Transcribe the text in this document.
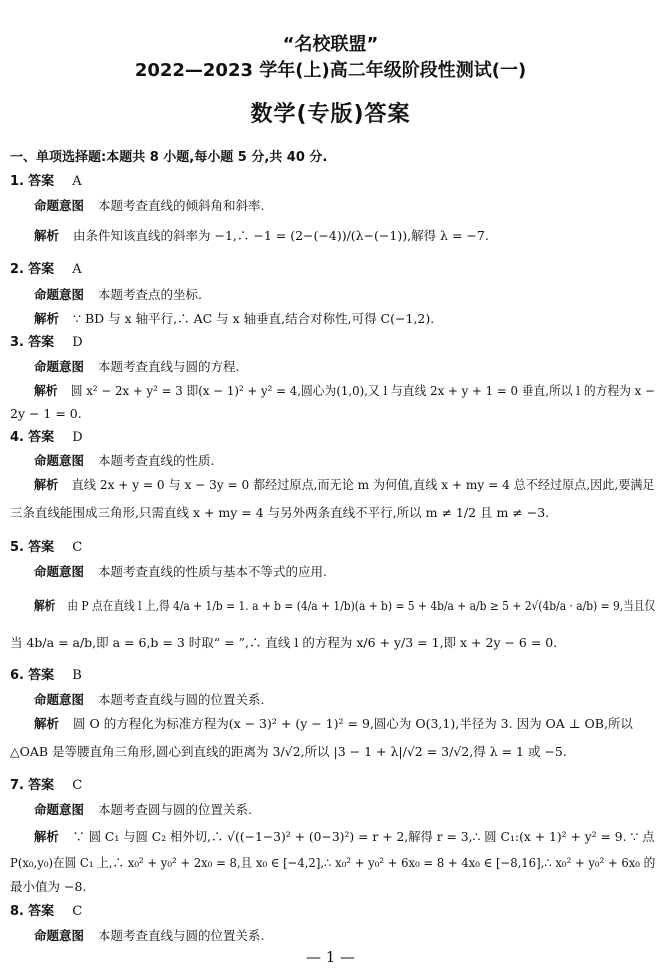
“名校联盟”
2022—2023 学年(上)高二年级阶段性测试(一)
数学(专版)答案
一、单项选择题:本题共 8 小题,每小题 5 分,共 40 分.
1. 答案 A
命题意图 本题考查直线的倾斜角和斜率.
解析 由条件知该直线的斜率为 −1,∴ −1 = (2−(−4))/(λ−(−1)),解得 λ = −7.
2. 答案 A
命题意图 本题考查点的坐标.
解析 ∵ BD 与 x 轴平行,∴ AC 与 x 轴垂直,结合对称性,可得 C(−1,2).
3. 答案 D
命题意图 本题考查直线与圆的方程.
解析 圆 x² − 2x + y² = 3 即(x − 1)² + y² = 4,圆心为(1,0),又 l 与直线 2x + y + 1 = 0 垂直,所以 l 的方程为 x −
2y − 1 = 0.
4. 答案 D
命题意图 本题考查直线的性质.
解析 直线 2x + y = 0 与 x − 3y = 0 都经过原点,而无论 m 为何值,直线 x + my = 4 总不经过原点,因此,要满足
三条直线能围成三角形,只需直线 x + my = 4 与另外两条直线不平行,所以 m ≠ 1/2 且 m ≠ −3.
5. 答案 C
命题意图 本题考查直线的性质与基本不等式的应用.
解析 由 P 点在直线 l 上,得 4/a + 1/b = 1. a + b = (4/a + 1/b)(a + b) = 5 + 4b/a + a/b ≥ 5 + 2√(4b/a · a/b) = 9,当且仅
当 4b/a = a/b,即 a = 6,b = 3 时取“ = ”,∴ 直线 l 的方程为 x/6 + y/3 = 1,即 x + 2y − 6 = 0.
6. 答案 B
命题意图 本题考查直线与圆的位置关系.
解析 圆 O 的方程化为标准方程为(x − 3)² + (y − 1)² = 9,圆心为 O(3,1),半径为 3. 因为 OA ⊥ OB,所以
△OAB 是等腰直角三角形,圆心到直线的距离为 3/√2,所以 |3 − 1 + λ|/√2 = 3/√2,得 λ = 1 或 −5.
7. 答案 C
命题意图 本题考查圆与圆的位置关系.
解析 ∵ 圆 C₁ 与圆 C₂ 相外切,∴ √((−1−3)² + (0−3)²) = r + 2,解得 r = 3,∴ 圆 C₁:(x + 1)² + y² = 9. ∵ 点
P(x₀,y₀)在圆 C₁ 上,∴ x₀² + y₀² + 2x₀ = 8,且 x₀ ∈ [−4,2],∴ x₀² + y₀² + 6x₀ = 8 + 4x₀ ∈ [−8,16],∴ x₀² + y₀² + 6x₀ 的
最小值为 −8.
8. 答案 C
命题意图 本题考查直线与圆的位置关系.
— 1 —
